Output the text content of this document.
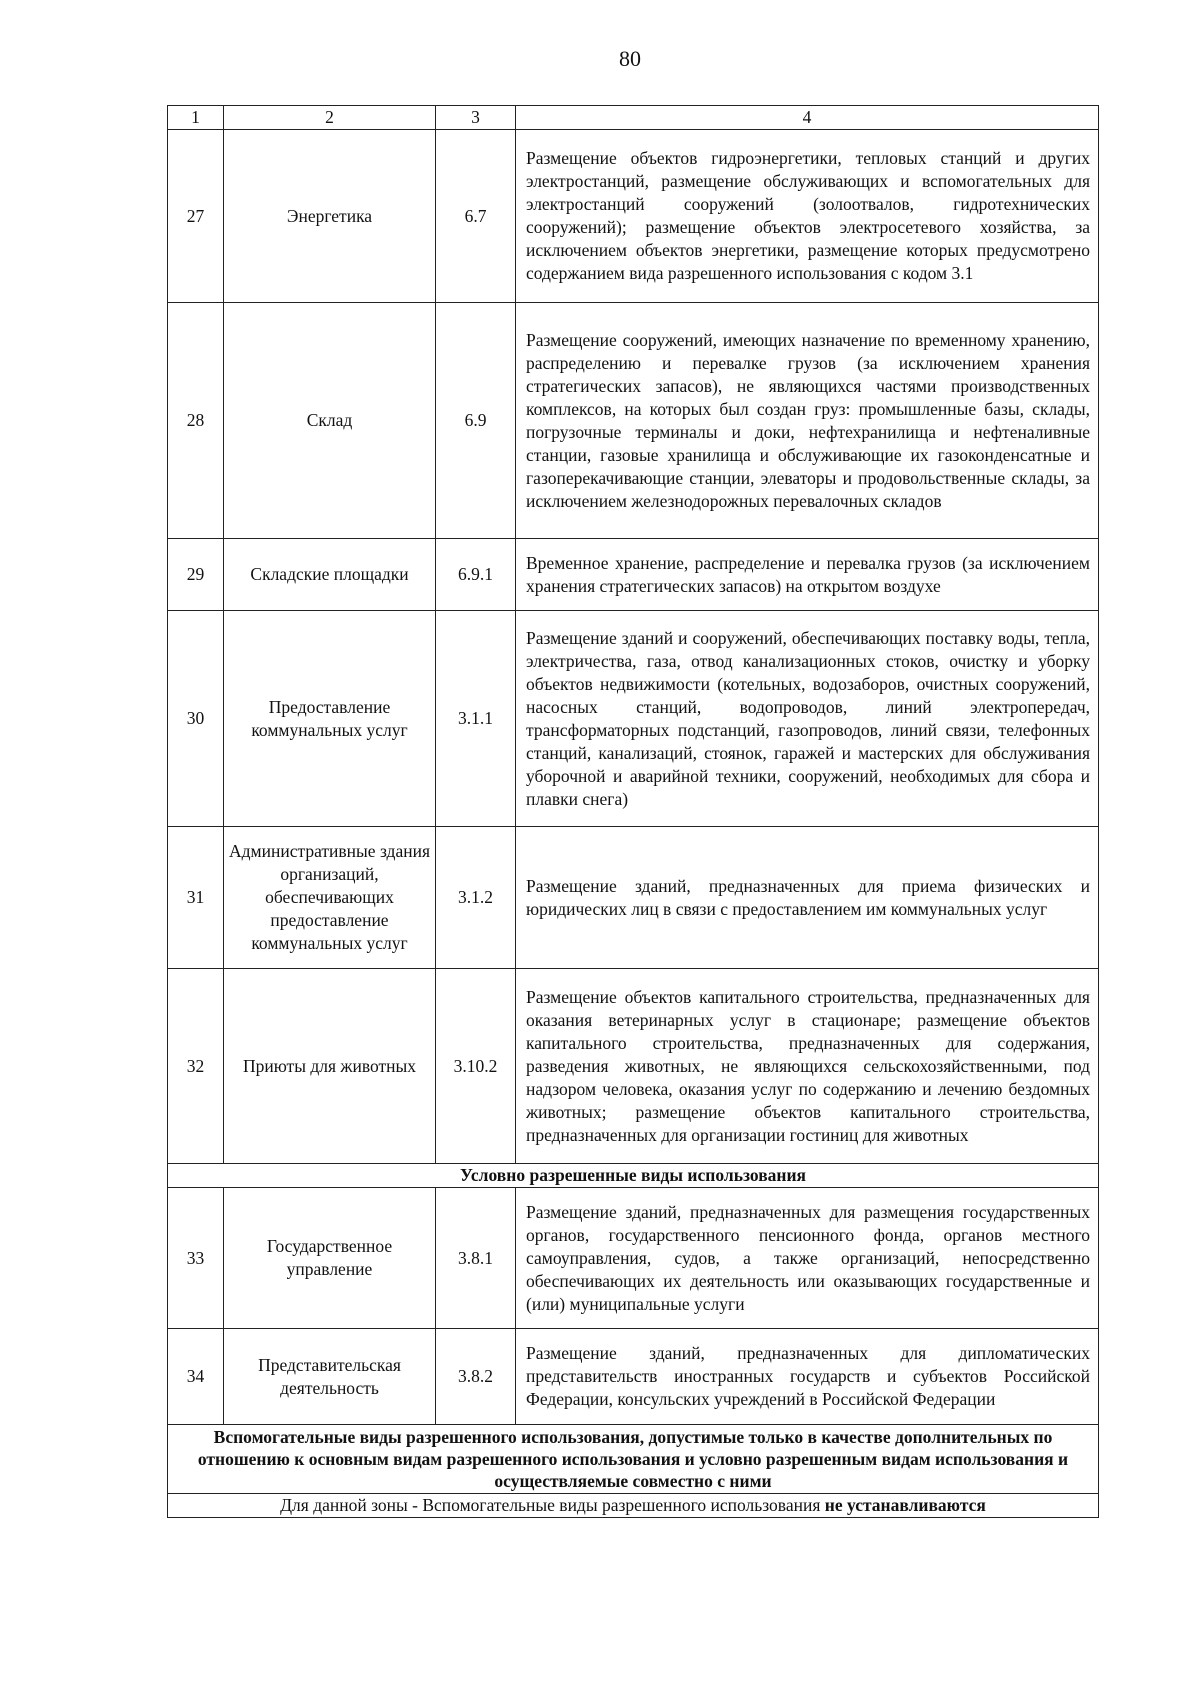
80
1	2	3	4
27	Энергетика	6.7	Размещение объектов гидроэнергетики, тепловых станций и других электростанций, размещение обслуживающих и вспомогательных для электростанций сооружений (золоотвалов, гидротехнических сооружений); размещение объектов электросетевого хозяйства, за исключением объектов энергетики, размещение которых предусмотрено содержанием вида разрешенного использования с кодом 3.1
28	Склад	6.9	Размещение сооружений, имеющих назначение по временному хранению, распределению и перевалке грузов (за исключением хранения стратегических запасов), не являющихся частями производственных комплексов, на которых был создан груз: промышленные базы, склады, погрузочные терминалы и доки, нефтехранилища и нефтеналивные станции, газовые хранилища и обслуживающие их газоконденсатные и газоперекачивающие станции, элеваторы и продовольственные склады, за исключением железнодорожных перевалочных складов
29	Складские площадки	6.9.1	Временное хранение, распределение и перевалка грузов (за исключением хранения стратегических запасов) на открытом воздухе
30	Предоставление коммунальных услуг	3.1.1	Размещение зданий и сооружений, обеспечивающих поставку воды, тепла, электричества, газа, отвод канализационных стоков, очистку и уборку объектов недвижимости (котельных, водозаборов, очистных сооружений, насосных станций, водопроводов, линий электропередач, трансформаторных подстанций, газопроводов, линий связи, телефонных станций, канализаций, стоянок, гаражей и мастерских для обслуживания уборочной и аварийной техники, сооружений, необходимых для сбора и плавки снега)
31	Административные здания организаций, обеспечивающих предоставление коммунальных услуг	3.1.2	Размещение зданий, предназначенных для приема физических и юридических лиц в связи с предоставлением им коммунальных услуг
32	Приюты для животных	3.10.2	Размещение объектов капитального строительства, предназначенных для оказания ветеринарных услуг в стационаре; размещение объектов капитального строительства, предназначенных для содержания, разведения животных, не являющихся сельскохозяйственными, под надзором человека, оказания услуг по содержанию и лечению бездомных животных; размещение объектов капитального строительства, предназначенных для организации гостиниц для животных
Условно разрешенные виды использования			
33	Государственное управление	3.8.1	Размещение зданий, предназначенных для размещения государственных органов, государственного пенсионного фонда, органов местного самоуправления, судов, а также организаций, непосредственно обеспечивающих их деятельность или оказывающих государственные и (или) муниципальные услуги
34	Представительская деятельность	3.8.2	Размещение зданий, предназначенных для дипломатических представительств иностранных государств и субъектов Российской Федерации, консульских учреждений в Российской Федерации
Вспомогательные виды разрешенного использования, допустимые только в качестве дополнительных по отношению к основным видам разрешенного использования и условно разрешенным видам использования и осуществляемые совместно с ними			
Для данной зоны - Вспомогательные виды разрешенного использования не устанавливаются			
